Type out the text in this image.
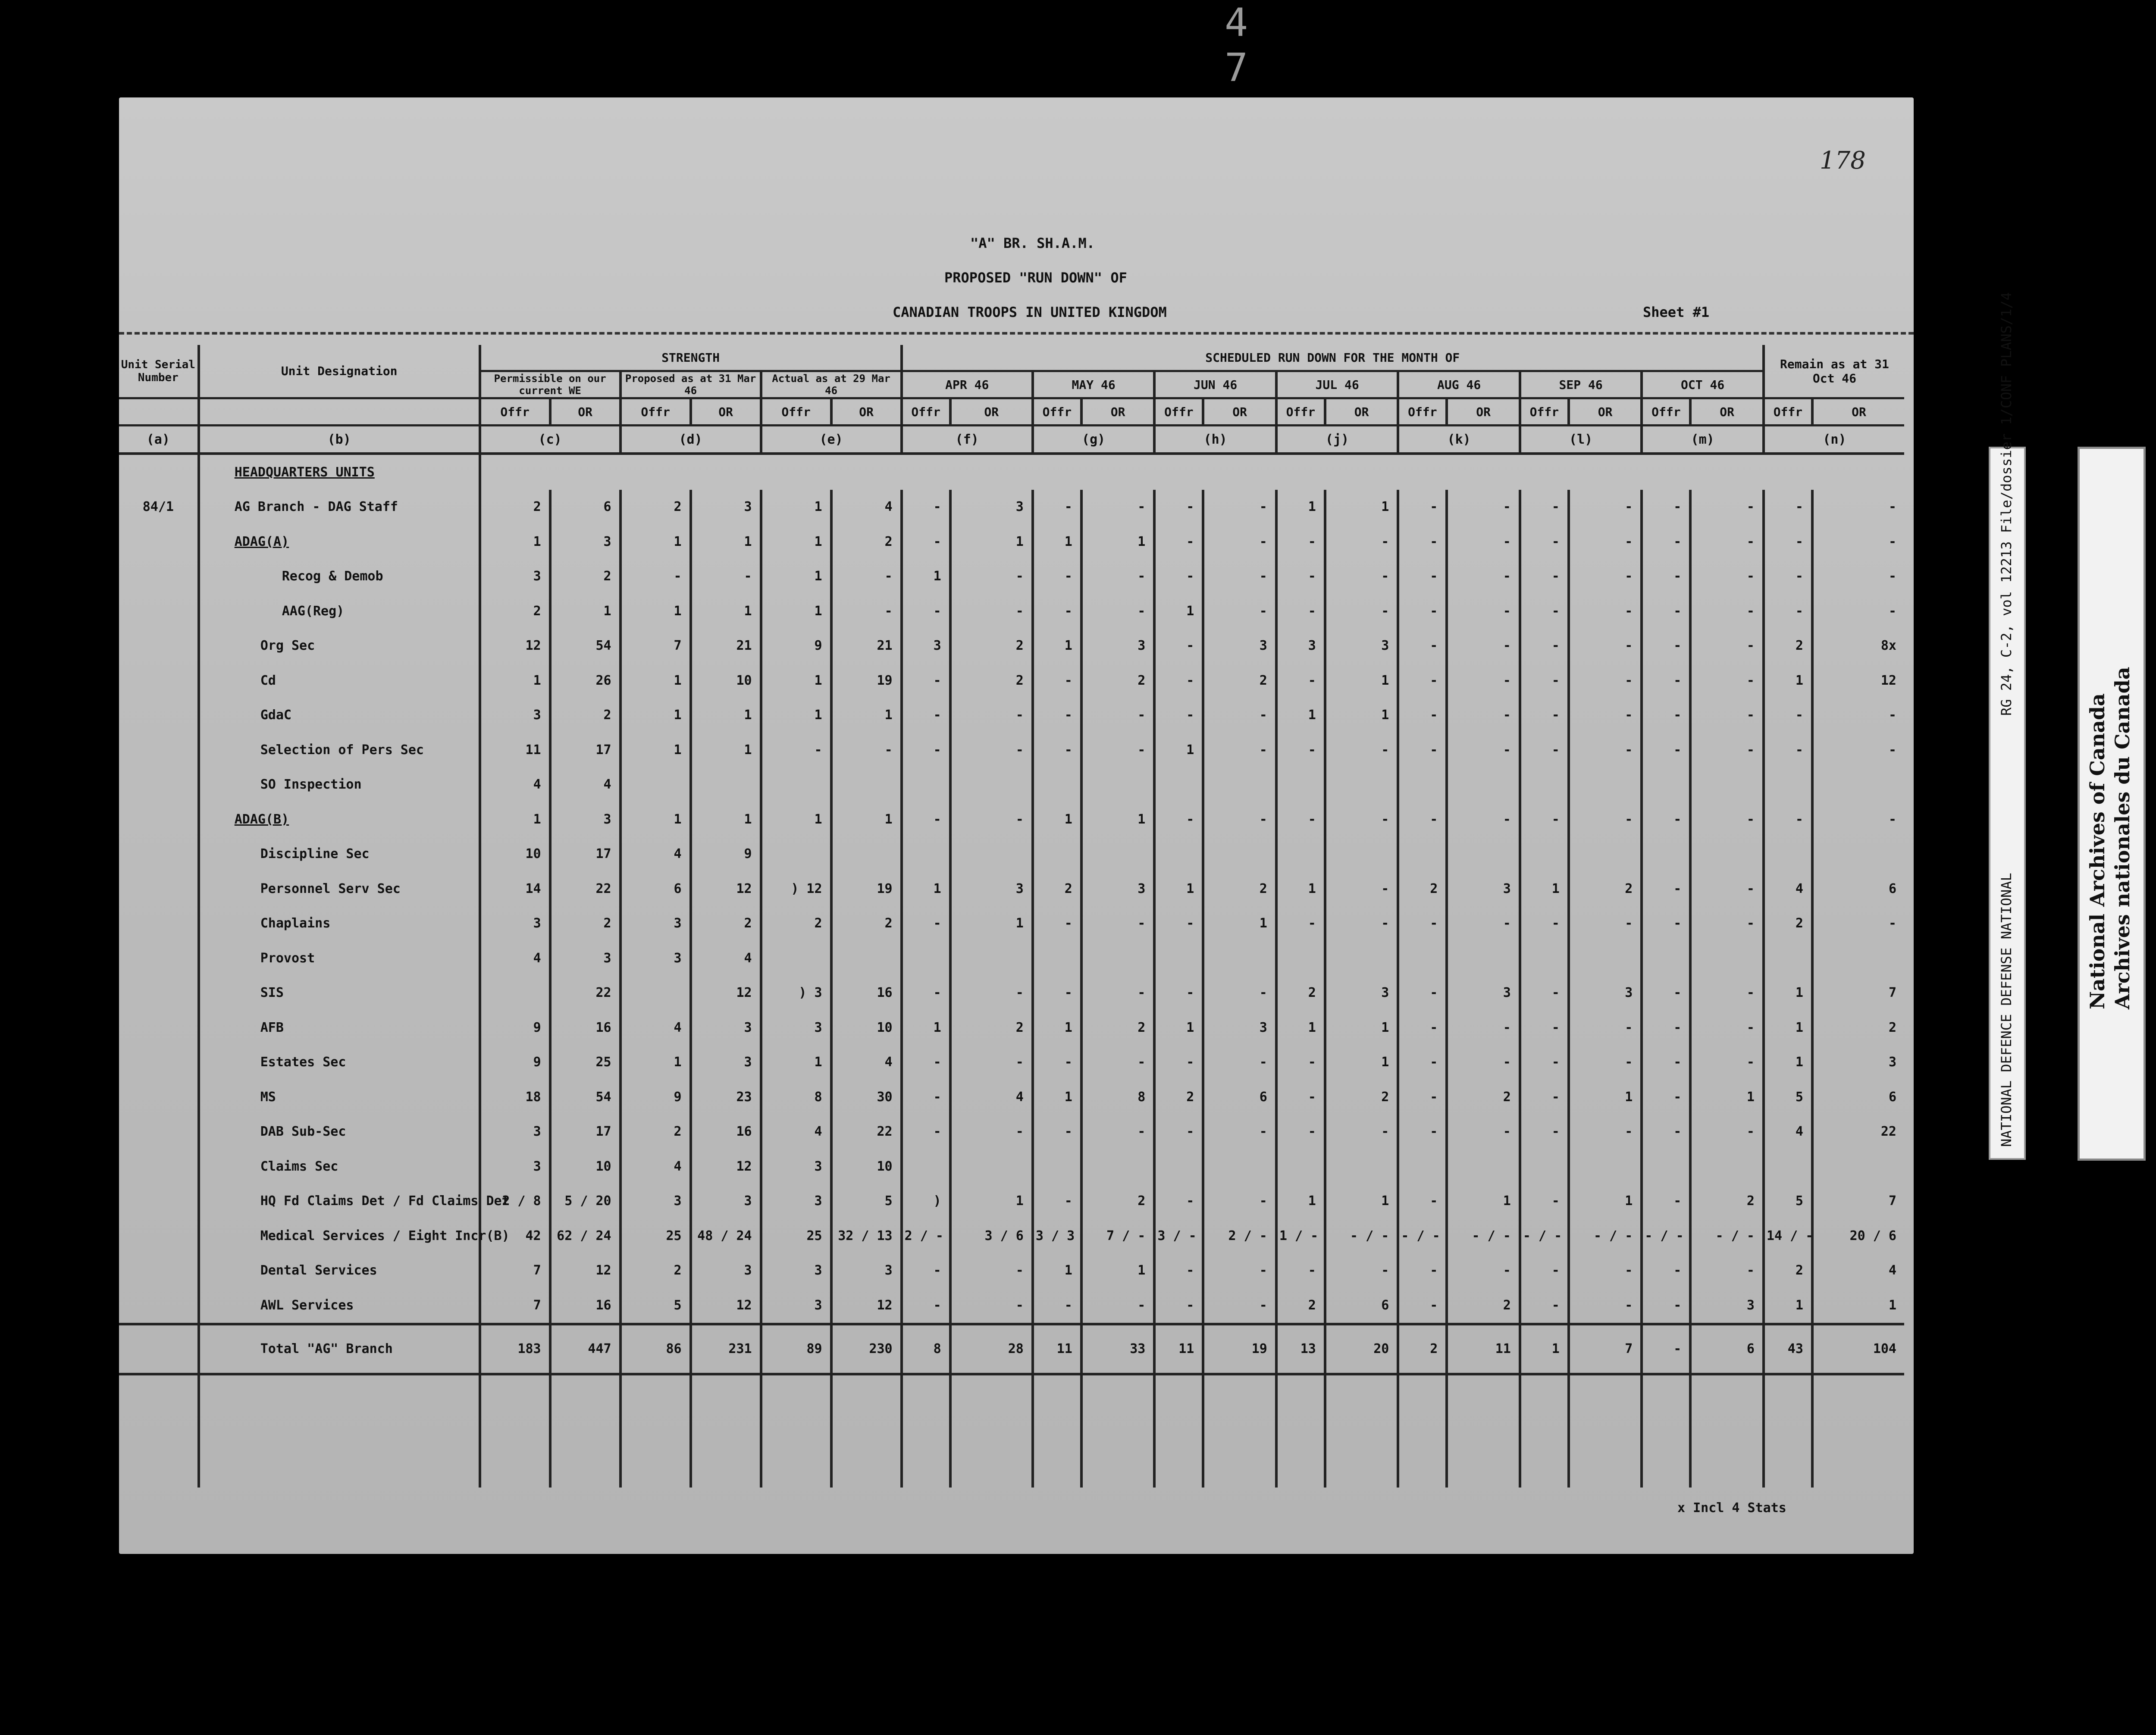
4 7
178
"A" BR. SH.A.M.
PROPOSED "RUN DOWN" OF
CANADIAN TROOPS IN UNITED KINGDOM	Sheet #1
Unit Serial Number	Unit Designation	STRENGTH						SCHEDULED RUN DOWN FOR THE MONTH OF														Remain as at 31 Oct 46	
		Permissible on our current WE		Proposed as at 31 Mar 46		Actual as at 29 Mar 46		APR 46		MAY 46		JUN 46		JUL 46		AUG 46		SEP 46		OCT 46			
		Offr	OR	Offr	OR	Offr	OR	Offr	OR	Offr	OR	Offr	OR	Offr	OR	Offr	OR	Offr	OR	Offr	OR	Offr	OR
(a)	(b)	(c)		(d)		(e)		(f)		(g)		(h)		(j)		(k)		(l)		(m)		(n)	
	HEADQUARTERS UNITS																						
84/1	AG Branch - DAG Staff	2	6	2	3	1	4	-	3	-	-	-	-	1	1	-	-	-	-	-	-	-	-
	ADAG(A)	1	3	1	1	1	2	-	1	1	1	-	-	-	-	-	-	-	-	-	-	-	-
	Recog & Demob	3	2	-	-	1	-	1	-	-	-	-	-	-	-	-	-	-	-	-	-	-	-
	AAG(Reg)	2	1	1	1	1	-	-	-	-	-	1	-	-	-	-	-	-	-	-	-	-	-
	Org Sec	12	54	7	21	9	21	3	2	1	3	-	3	3	3	-	-	-	-	-	-	2	8x
	Cd	1	26	1	10	1	19	-	2	-	2	-	2	-	1	-	-	-	-	-	-	1	12
	GdaC	3	2	1	1	1	1	-	-	-	-	-	-	1	1	-	-	-	-	-	-	-	-
	Selection of Pers Sec	11	17	1	1	-	-	-	-	-	-	1	-	-	-	-	-	-	-	-	-	-	-
	SO Inspection	4	4																				
	ADAG(B)	1	3	1	1	1	1	-	-	1	1	-	-	-	-	-	-	-	-	-	-	-	-
	Discipline Sec	10	17	4	9																		
	Personnel Serv Sec	14	22	6	12	) 12	19	1	3	2	3	1	2	1	-	2	3	1	2	-	-	4	6
	Chaplains	3	2	3	2	2	2	-	1	-	-	-	1	-	-	-	-	-	-	-	-	2	-
	Provost	4	3	3	4																		
	SIS		22		12	) 3	16	-	-	-	-	-	-	2	3	-	3	-	3	-	-	1	7
	AFB	9	16	4	3	3	10	1	2	1	2	1	3	1	1	-	-	-	-	-	-	1	2
	Estates Sec	9	25	1	3	1	4	-	-	-	-	-	-	-	1	-	-	-	-	-	-	1	3
	MS	18	54	9	23	8	30	-	4	1	8	2	6	-	2	-	2	-	1	-	1	5	6
	DAB Sub-Sec	3	17	2	16	4	22	-	-	-	-	-	-	-	-	-	-	-	-	-	-	4	22
	Claims Sec	3	10	4	12	3	10																
	HQ Fd Claims Det / Fd Claims Det	2 / 8	5 / 20	3	3	3	5	)	1	-	2	-	-	1	1	-	1	-	1	-	2	5	7
	Medical Services / Eight Incr(B)	42	62 / 24	25	48 / 24	25	32 / 13	2 / -	3 / 6	3 / 3	7 / -	3 / -	2 / -	1 / -	- / -	- / -	- / -	- / -	- / -	- / -	- / -	14 / -	20 / 6
	Dental Services	7	12	2	3	3	3	-	-	1	1	-	-	-	-	-	-	-	-	-	-	2	4
	AWL Services	7	16	5	12	3	12	-	-	-	-	-	-	2	6	-	2	-	-	-	3	1	1
	Total "AG" Branch	183	447	86	231	89	230	8	28	11	33	11	19	13	20	2	11	1	7	-	6	43	104

x Incl 4 Stats
NATIONAL DEFENCE DEFENSE NATIONAL
RG 24, C-2, vol 12213 File/dossier 1/CONF PLANS/1/4
National Archives of Canada Archives nationales du Canada
